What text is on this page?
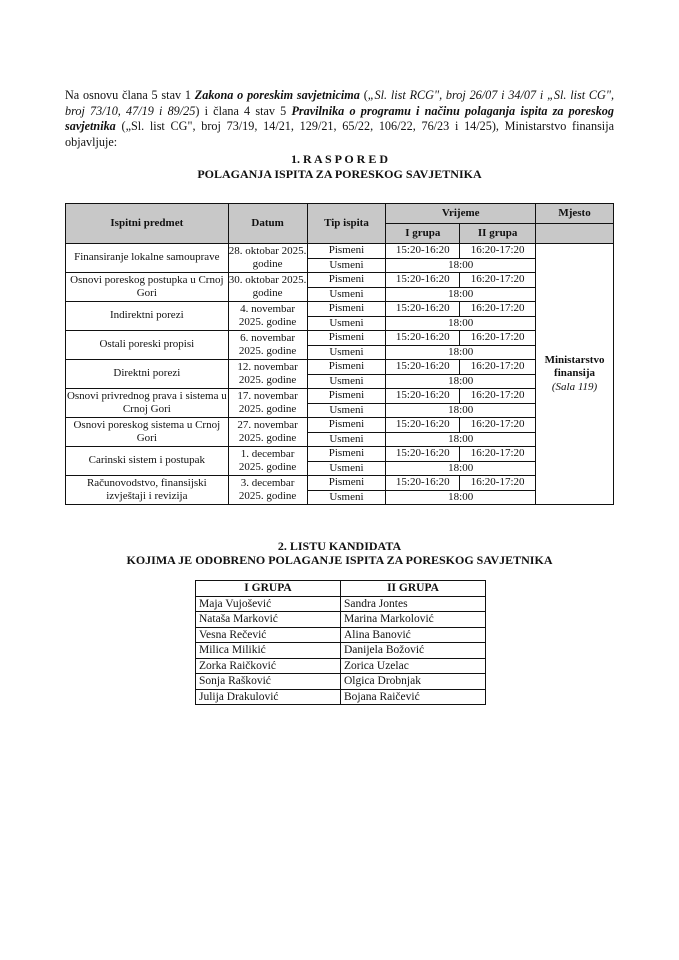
Na osnovu člana 5 stav 1 Zakona o poreskim savjetnicima („Sl. list RCG", broj 26/07 i 34/07 i „Sl. list CG", broj 73/10, 47/19 i 89/25) i člana 4 stav 5 Pravilnika o programu i načinu polaganja ispita za poreskog savjetnika („Sl. list CG", broj 73/19, 14/21, 129/21, 65/22, 106/22, 76/23 i 14/25), Ministarstvo finansija objavljuje:

1. R A S P O R E D
POLAGANJA ISPITA ZA PORESKOG SAVJETNIKA
Ispitni predmet	Datum	Tip ispita	Vrijeme		Mjesto
			I grupa	II grupa	
Finansiranje lokalne samouprave	28. oktobar 2025. godine	Pismeni	15:20-16:20	16:20-17:20	Ministarstvo finansija
(Sala 119)

		Usmeni	18:00		
Osnovi poreskog postupka u Crnoj Gori	30. oktobar 2025. godine	Pismeni	15:20-16:20	16:20-17:20	
		Usmeni	18:00		
Indirektni porezi	4. novembar 2025. godine	Pismeni	15:20-16:20	16:20-17:20	
		Usmeni	18:00		
Ostali poreski propisi	6. novembar 2025. godine	Pismeni	15:20-16:20	16:20-17:20	
		Usmeni	18:00		
Direktni porezi	12. novembar 2025. godine	Pismeni	15:20-16:20	16:20-17:20	
		Usmeni	18:00		
Osnovi privrednog prava i sistema u Crnoj Gori	17. novembar 2025. godine	Pismeni	15:20-16:20	16:20-17:20	
		Usmeni	18:00		
Osnovi poreskog sistema u Crnoj Gori	27. novembar 2025. godine	Pismeni	15:20-16:20	16:20-17:20	
		Usmeni	18:00		
Carinski sistem i postupak	1. decembar 2025. godine	Pismeni	15:20-16:20	16:20-17:20	
		Usmeni	18:00		
Računovodstvo, finansijski izvještaji i revizija	3. decembar 2025. godine	Pismeni	15:20-16:20	16:20-17:20	
		Usmeni	18:00		
2. LISTU KANDIDATA
KOJIMA JE ODOBRENO POLAGANJE ISPITA ZA PORESKOG SAVJETNIKA
I GRUPA	II GRUPA
Maja Vujošević	Sandra Jontes
Nataša Marković	Marina Markolović
Vesna Rečević	Alina Banović
Milica Milikić	Danijela Božović
Zorka Raičković	Zorica Uzelac
Sonja Rašković	Olgica Drobnjak
Julija Drakulović	Bojana Raičević
